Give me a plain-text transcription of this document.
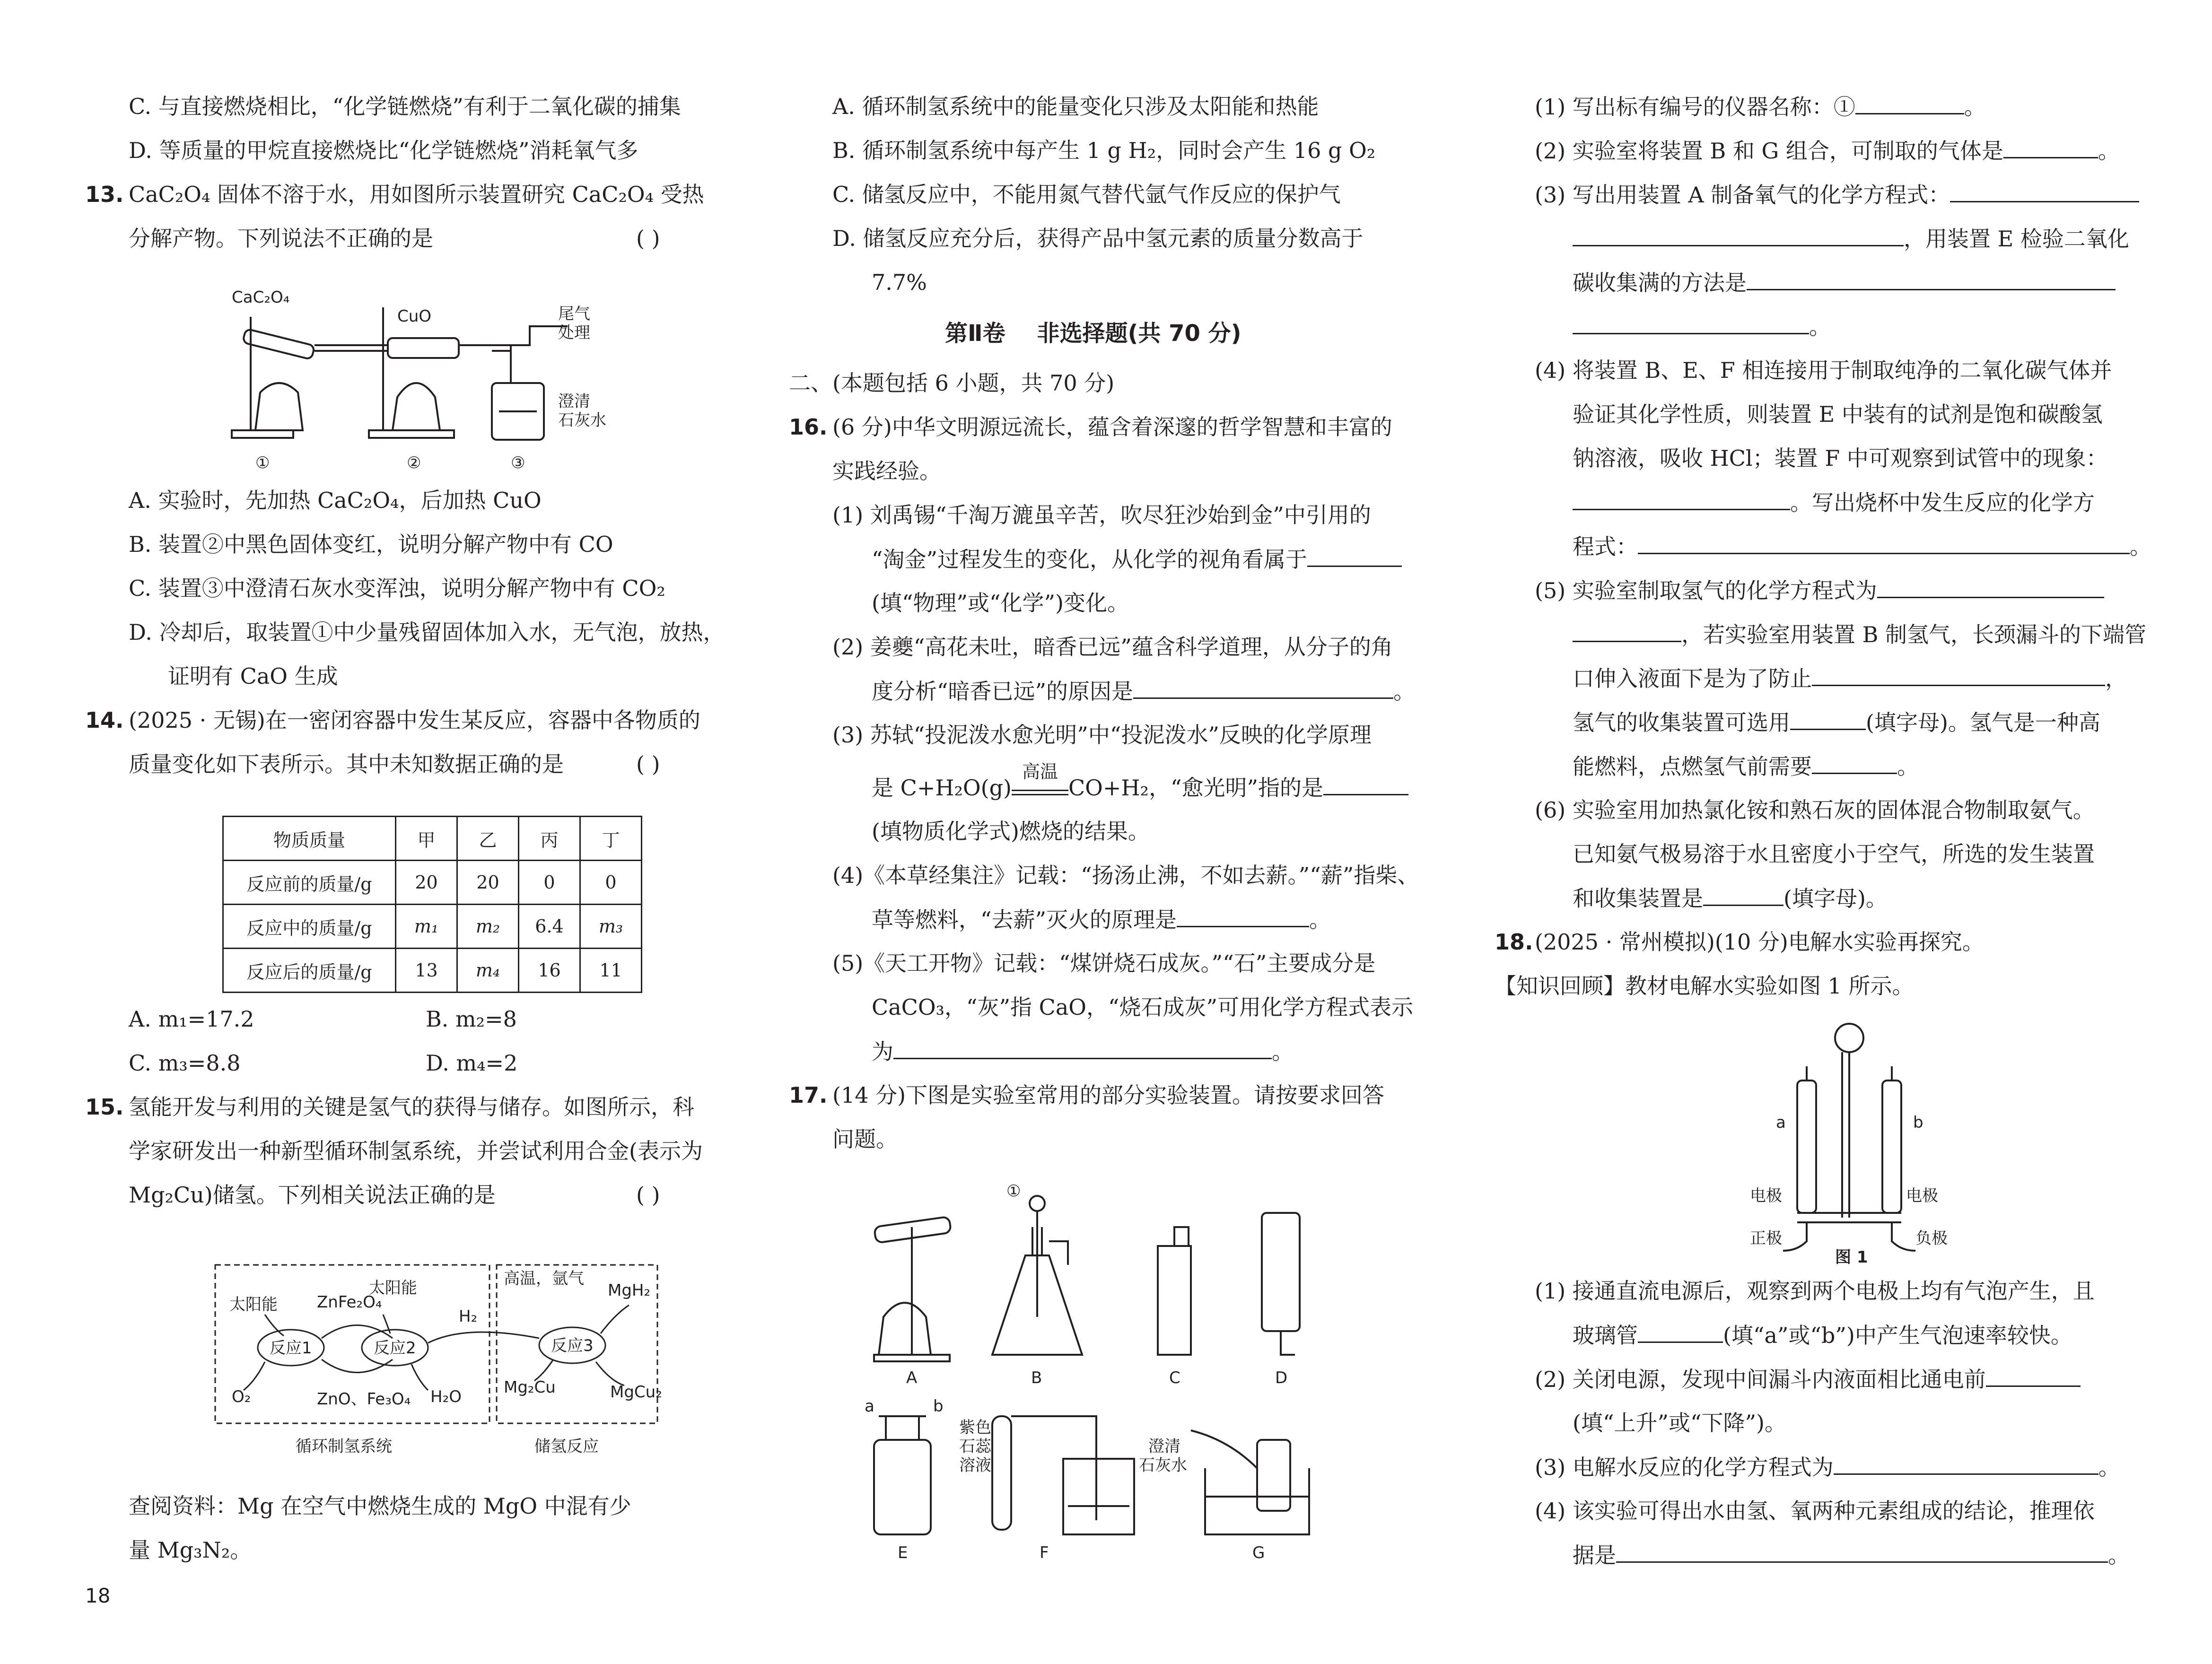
C. 与直接燃烧相比，“化学链燃烧”有利于二氧化碳的捕集
D. 等质量的甲烷直接燃烧比“化学链燃烧”消耗氧气多
13. CaC₂O₄ 固体不溶于水，用如图所示装置研究 CaC₂O₄ 受热
分解产物。下列说法不正确的是	( )
CaC₂O₄
CuO	尾气
处理
澄清
石灰水
①	②	③
A. 实验时，先加热 CaC₂O₄，后加热 CuO
B. 装置②中黑色固体变红，说明分解产物中有 CO
C. 装置③中澄清石灰水变浑浊，说明分解产物中有 CO₂
D. 冷却后，取装置①中少量残留固体加入水，无气泡，放热，
证明有 CaO 生成
14. (2025 · 无锡)在一密闭容器中发生某反应，容器中各物质的
质量变化如下表所示。其中未知数据正确的是	( )
物质质量	甲	乙	丙	丁
反应前的质量/g	20	20	0	0
反应中的质量/g	m₁	m₂	6.4	m₃
反应后的质量/g	13	m₄	16	11
A. m₁=17.2	B. m₂=8
C. m₃=8.8	D. m₄=2
15. 氢能开发与利用的关键是氢气的获得与储存。如图所示，科
学家研发出一种新型循环制氢系统，并尝试利用合金(表示为
Mg₂Cu)储氢。下列相关说法正确的是	( )
太阳能 ZnFe₂O₄
太阳能
H₂
高温，氩气
MgH₂
反应1	反应2	反应3
O₂	ZnO、Fe₃O₄ H₂O	Mg₂Cu	MgCu₂
循环制氢系统	储氢反应
查阅资料：Mg 在空气中燃烧生成的 MgO 中混有少
量 Mg₃N₂。
A. 循环制氢系统中的能量变化只涉及太阳能和热能
B. 循环制氢系统中每产生 1 g H₂，同时会产生 16 g O₂
C. 储氢反应中，不能用氮气替代氩气作反应的保护气
D. 储氢反应充分后，获得产品中氢元素的质量分数高于
7.7%
第Ⅱ卷    非选择题(共 70 分)
二、(本题包括 6 小题，共 70 分)
16. (6 分)中华文明源远流长，蕴含着深邃的哲学智慧和丰富的
实践经验。
(1) 刘禹锡“千淘万漉虽辛苦，吹尽狂沙始到金”中引用的
“淘金”过程发生的变化，从化学的视角看属于
(填“物理”或“化学”)变化。
(2) 姜夔“高花未吐，暗香已远”蕴含科学道理，从分子的角
度分析“暗香已远”的原因是	。
(3) 苏轼“投泥泼水愈光明”中“投泥泼水”反映的化学原理
是 C+H₂O(g)
高温
CO+H₂，“愈光明”指的是
(填物质化学式)燃烧的结果。
(4)《本草经集注》记载：“扬汤止沸，不如去薪。”“薪”指柴、
草等燃料，“去薪”灭火的原理是	。
(5)《天工开物》记载：“煤饼烧石成灰。”“石”主要成分是
CaCO₃，“灰”指 CaO，“烧石成灰”可用化学方程式表示
为	。
17. (14 分)下图是实验室常用的部分实验装置。请按要求回答
问题。
A	B	C	D
E	F	G
①
a	b
紫色
石蕊
溶液
澄清
石灰水
(1) 写出标有编号的仪器名称：①	。
(2) 实验室将装置 B 和 G 组合，可制取的气体是	。
(3) 写出用装置 A 制备氧气的化学方程式：
，用装置 E 检验二氧化
碳收集满的方法是
。
(4) 将装置 B、E、F 相连接用于制取纯净的二氧化碳气体并
验证其化学性质，则装置 E 中装有的试剂是饱和碳酸氢
钠溶液，吸收 HCl；装置 F 中可观察到试管中的现象：
。写出烧杯中发生反应的化学方
程式：	。
(5) 实验室制取氢气的化学方程式为
，若实验室用装置 B 制氢气，长颈漏斗的下端管
口伸入液面下是为了防止	，
氢气的收集装置可选用	(填字母)。氢气是一种高
能燃料，点燃氢气前需要	。
(6) 实验室用加热氯化铵和熟石灰的固体混合物制取氨气。
已知氨气极易溶于水且密度小于空气，所选的发生装置
和收集装置是	(填字母)。
18. (2025 · 常州模拟)(10 分)电解水实验再探究。
【知识回顾】教材电解水实验如图 1 所示。
a	b
电极	电极
正极	负极
图 1
(1) 接通直流电源后，观察到两个电极上均有气泡产生，且
玻璃管	(填“a”或“b”)中产生气泡速率较快。
(2) 关闭电源，发现中间漏斗内液面相比通电前
(填“上升”或“下降”)。
(3) 电解水反应的化学方程式为	。
(4) 该实验可得出水由氢、氧两种元素组成的结论，推理依
据是	。
18
